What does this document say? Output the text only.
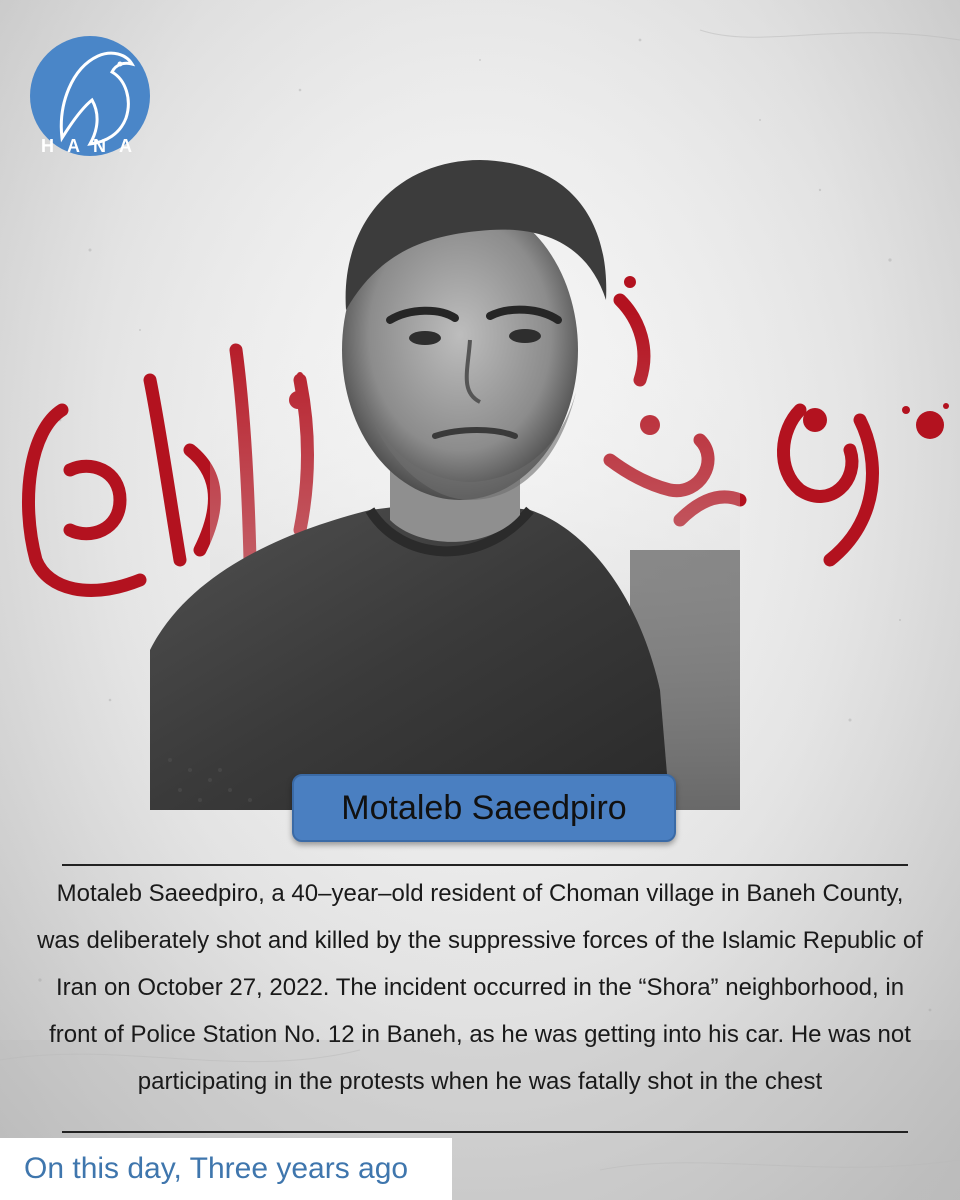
HANA
Motaleb Saeedpiro
Motaleb Saeedpiro, a 40–year–old resident of Choman village in Baneh County, was deliberately shot and killed by the suppressive forces of the Islamic Republic of Iran on October 27, 2022. The incident occurred in the “Shora” neighborhood, in front of Police Station No. 12 in Baneh, as he was getting into his car. He was not participating in the protests when he was fatally shot in the chest
On this day, Three years ago
